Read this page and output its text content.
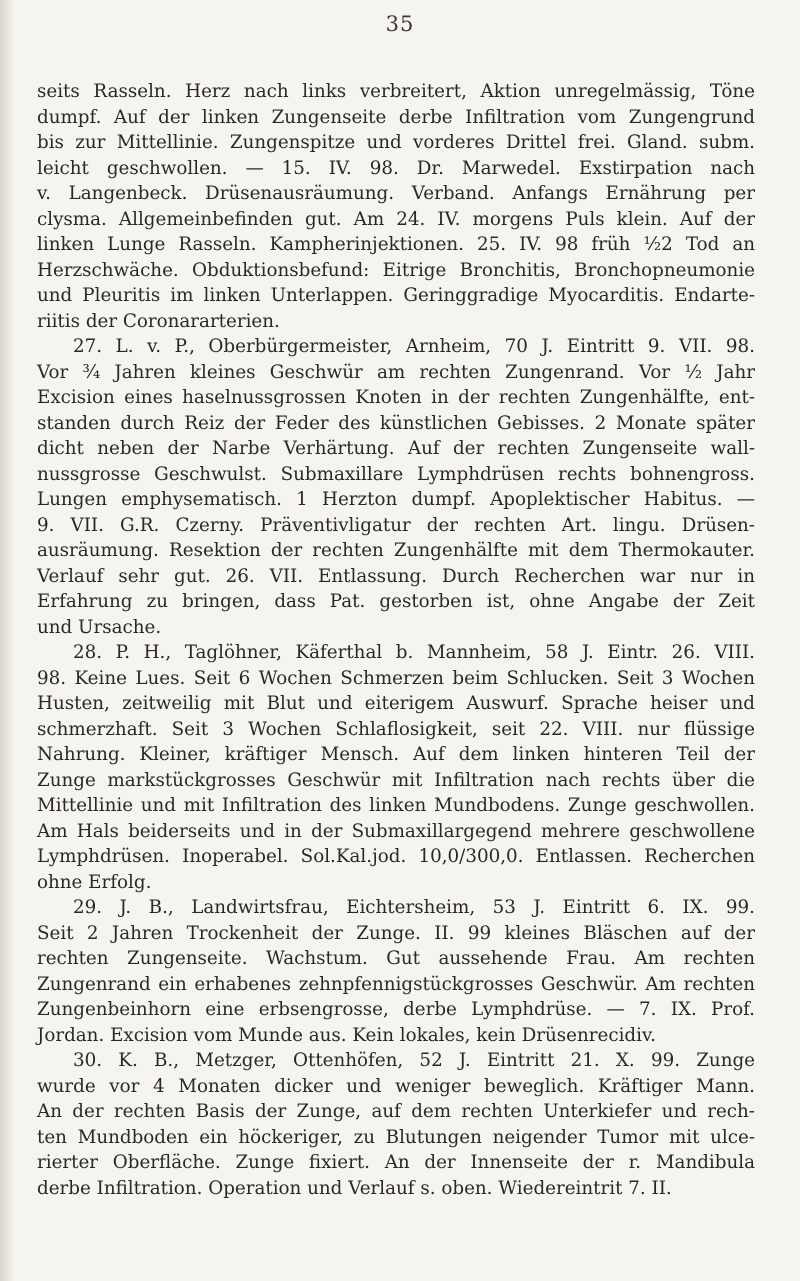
35
seits Rasseln. Herz nach links verbreitert, Aktion unregelmässig, Töne
dumpf. Auf der linken Zungenseite derbe Infiltration vom Zungengrund
bis zur Mittellinie. Zungenspitze und vorderes Drittel frei. Gland. subm.
leicht geschwollen. — 15. IV. 98. Dr. Marwedel. Exstirpation nach
v. Langenbeck. Drüsenausräumung. Verband. Anfangs Ernährung per
clysma. Allgemeinbefinden gut. Am 24. IV. morgens Puls klein. Auf der
linken Lunge Rasseln. Kampherinjektionen. 25. IV. 98 früh ½2 Tod an
Herzschwäche. Obduktionsbefund: Eitrige Bronchitis, Bronchopneumonie
und Pleuritis im linken Unterlappen. Geringgradige Myocarditis. Endarte-
riitis der Coronararterien.
27. L. v. P., Oberbürgermeister, Arnheim, 70 J. Eintritt 9. VII. 98.
Vor ¾ Jahren kleines Geschwür am rechten Zungenrand. Vor ½ Jahr
Excision eines haselnussgrossen Knoten in der rechten Zungenhälfte, ent-
standen durch Reiz der Feder des künstlichen Gebisses. 2 Monate später
dicht neben der Narbe Verhärtung. Auf der rechten Zungenseite wall-
nussgrosse Geschwulst. Submaxillare Lymphdrüsen rechts bohnengross.
Lungen emphysematisch. 1 Herzton dumpf. Apoplektischer Habitus. —
9. VII. G.R. Czerny. Präventivligatur der rechten Art. lingu. Drüsen-
ausräumung. Resektion der rechten Zungenhälfte mit dem Thermokauter.
Verlauf sehr gut. 26. VII. Entlassung. Durch Recherchen war nur in
Erfahrung zu bringen, dass Pat. gestorben ist, ohne Angabe der Zeit
und Ursache.
28. P. H., Taglöhner, Käferthal b. Mannheim, 58 J. Eintr. 26. VIII.
98. Keine Lues. Seit 6 Wochen Schmerzen beim Schlucken. Seit 3 Wochen
Husten, zeitweilig mit Blut und eiterigem Auswurf. Sprache heiser und
schmerzhaft. Seit 3 Wochen Schlaflosigkeit, seit 22. VIII. nur flüssige
Nahrung. Kleiner, kräftiger Mensch. Auf dem linken hinteren Teil der
Zunge markstückgrosses Geschwür mit Infiltration nach rechts über die
Mittellinie und mit Infiltration des linken Mundbodens. Zunge geschwollen.
Am Hals beiderseits und in der Submaxillargegend mehrere geschwollene
Lymphdrüsen. Inoperabel. Sol.Kal.jod. 10,0/300,0. Entlassen. Recherchen
ohne Erfolg.
29. J. B., Landwirtsfrau, Eichtersheim, 53 J. Eintritt 6. IX. 99.
Seit 2 Jahren Trockenheit der Zunge. II. 99 kleines Bläschen auf der
rechten Zungenseite. Wachstum. Gut aussehende Frau. Am rechten
Zungenrand ein erhabenes zehnpfennigstückgrosses Geschwür. Am rechten
Zungenbeinhorn eine erbsengrosse, derbe Lymphdrüse. — 7. IX. Prof.
Jordan. Excision vom Munde aus. Kein lokales, kein Drüsenrecidiv.
30. K. B., Metzger, Ottenhöfen, 52 J. Eintritt 21. X. 99. Zunge
wurde vor 4 Monaten dicker und weniger beweglich. Kräftiger Mann.
An der rechten Basis der Zunge, auf dem rechten Unterkiefer und rech-
ten Mundboden ein höckeriger, zu Blutungen neigender Tumor mit ulce-
rierter Oberfläche. Zunge fixiert. An der Innenseite der r. Mandibula
derbe Infiltration. Operation und Verlauf s. oben. Wiedereintrit 7. II.
